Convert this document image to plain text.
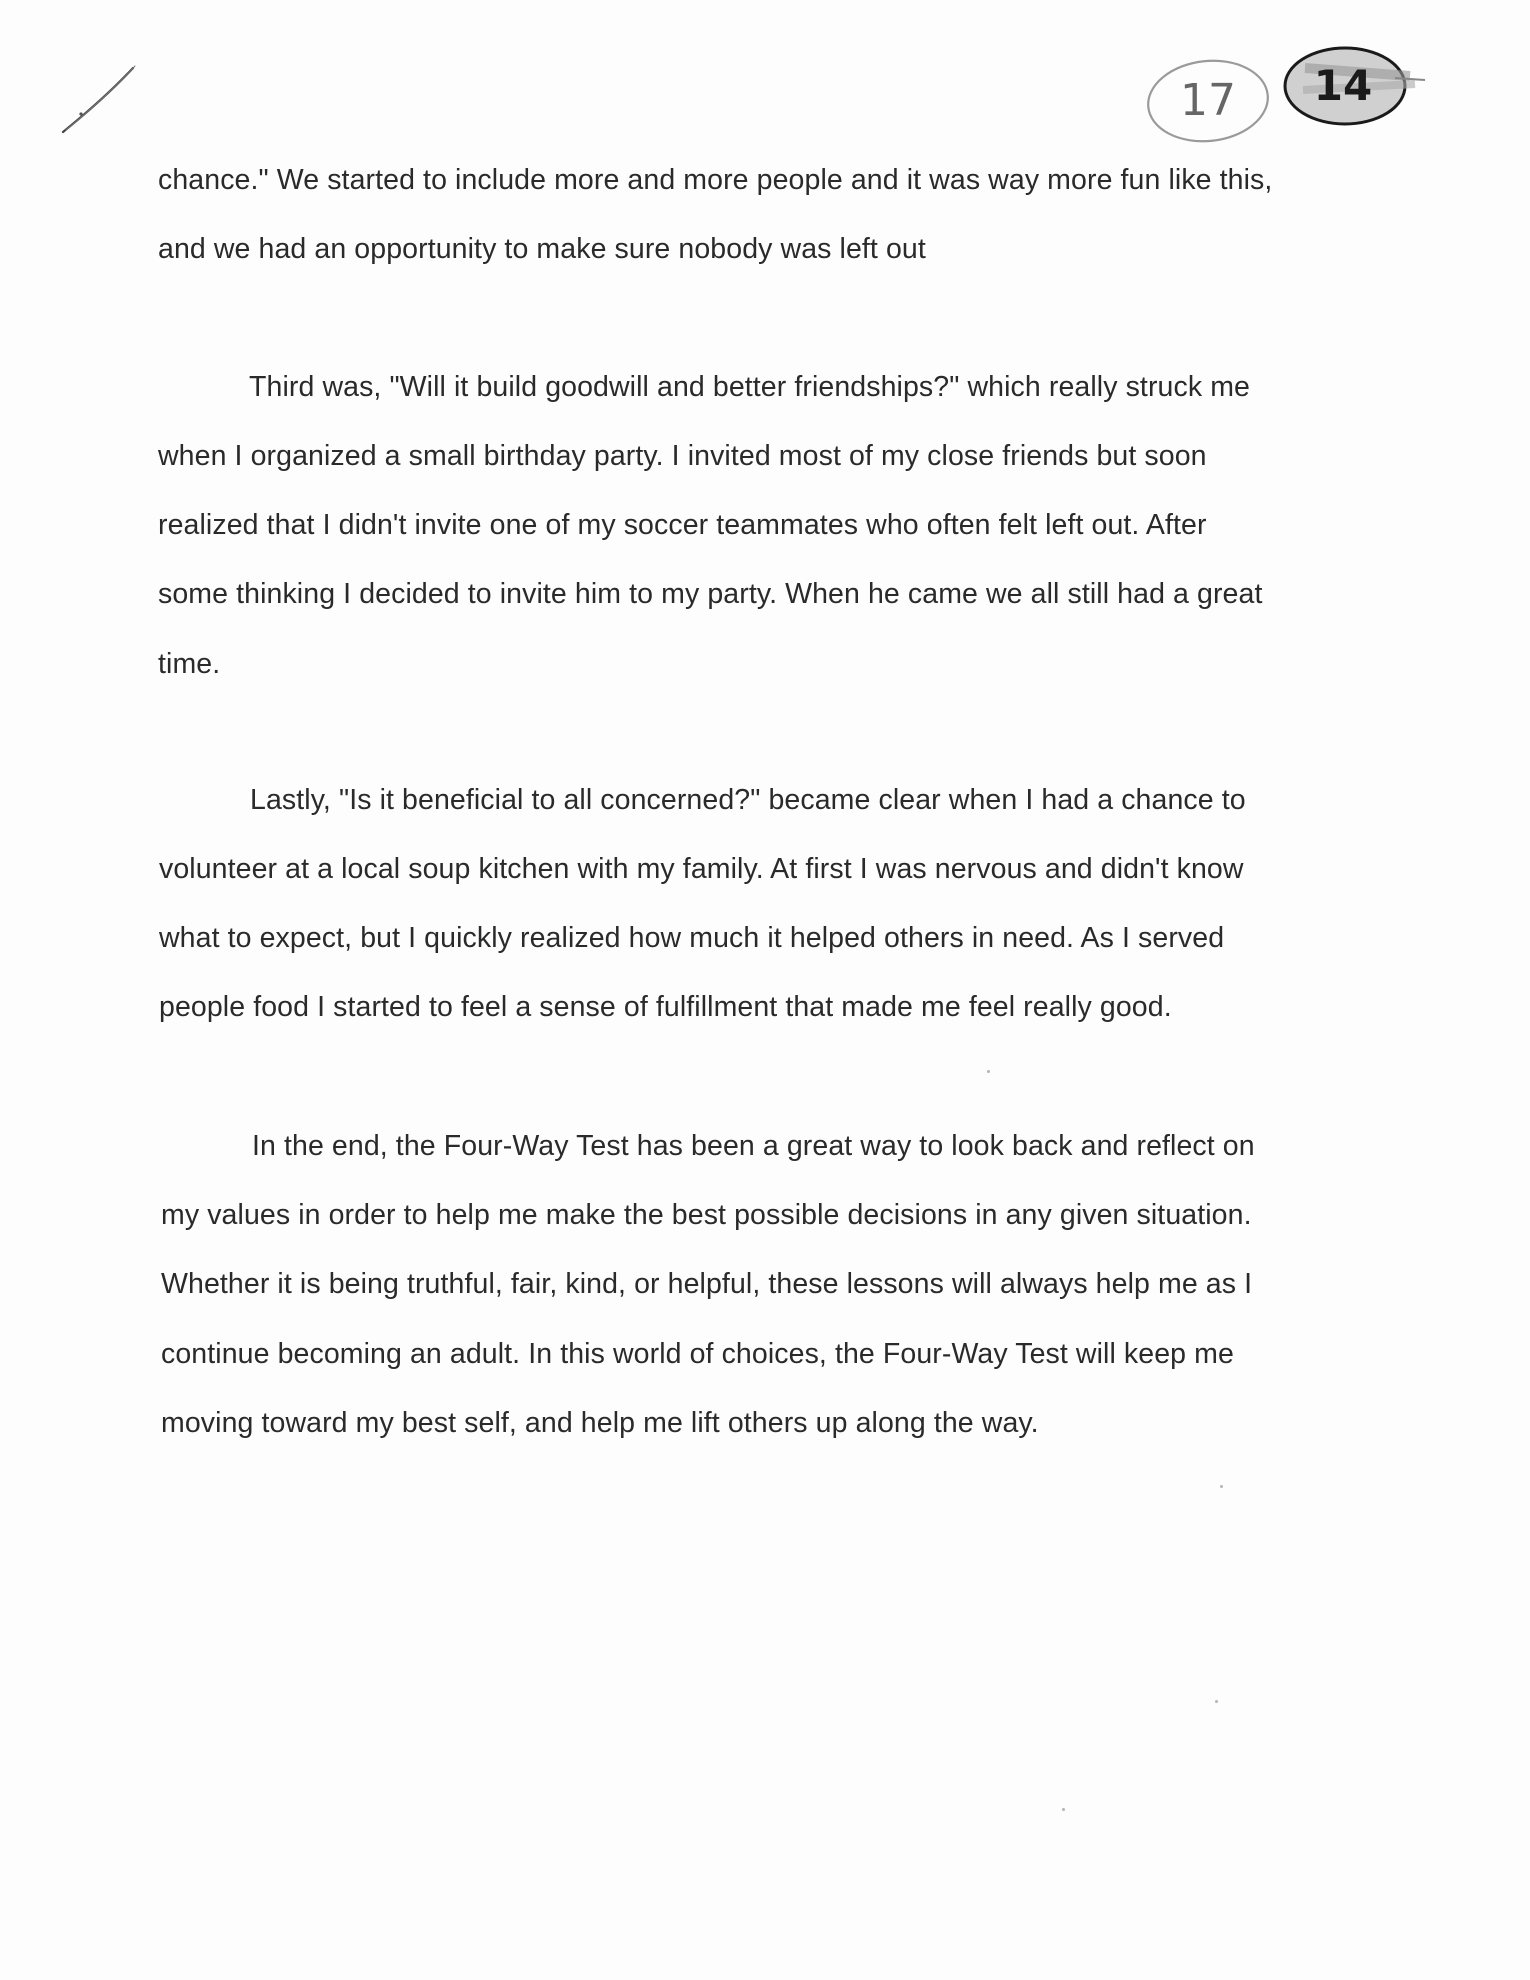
17 14
chance." We started to include more and more people and it was way more fun like this,
and we had an opportunity to make sure nobody was left out
Third was, "Will it build goodwill and better friendships?" which really struck me
when I organized a small birthday party. I invited most of my close friends but soon
realized that I didn't invite one of my soccer teammates who often felt left out. After
some thinking I decided to invite him to my party. When he came we all still had a great
time.
Lastly, "Is it beneficial to all concerned?" became clear when I had a chance to
volunteer at a local soup kitchen with my family. At first I was nervous and didn't know
what to expect, but I quickly realized how much it helped others in need. As I served
people food I started to feel a sense of fulfillment that made me feel really good.
In the end, the Four-Way Test has been a great way to look back and reflect on
my values in order to help me make the best possible decisions in any given situation.
Whether it is being truthful, fair, kind, or helpful, these lessons will always help me as I
continue becoming an adult. In this world of choices, the Four-Way Test will keep me
moving toward my best self, and help me lift others up along the way.
